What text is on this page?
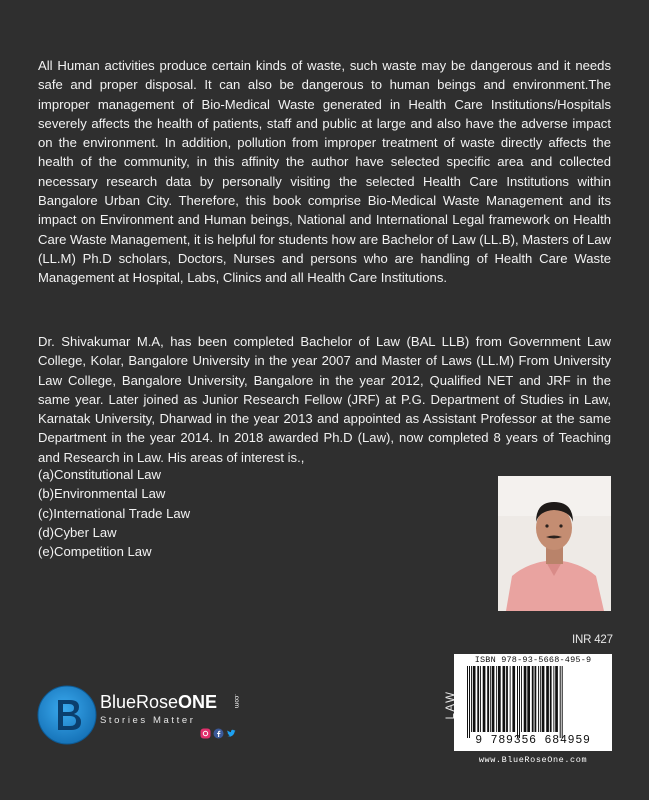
All Human activities produce certain kinds of waste, such waste may be dangerous and it needs safe and proper disposal. It can also be dangerous to human beings and environment.The improper management of Bio-Medical Waste generated in Health Care Institutions/Hospitals severely affects the health of patients, staff and public at large and also have the adverse impact on the environment. In addition, pollution from improper treatment of waste directly affects the health of the community, in this affinity the author have selected specific area and collected necessary research data by personally visiting the selected Health Care Institutions within Bangalore Urban City. Therefore, this book comprise Bio-Medical Waste Management and its impact on Environment and Human beings, National and International Legal framework on Health Care Waste Management, it is helpful for students how are Bachelor of Law (LL.B), Masters of Law (LL.M) Ph.D scholars, Doctors, Nurses and persons who are handling of Health Care Waste Management at Hospital, Labs, Clinics and all Health Care Institutions.

Dr. Shivakumar M.A, has been completed Bachelor of Law (BAL LLB) from Government Law College, Kolar, Bangalore University in the year 2007 and Master of Laws (LL.M) From University Law College, Bangalore University, Bangalore in the year 2012, Qualified NET and JRF in the same year. Later joined as Junior Research Fellow (JRF) at P.G. Department of Studies in Law, Karnatak University, Dharwad in the year 2013 and appointed as Assistant Professor at the same Department in the year 2014. In 2018 awarded Ph.D (Law), now completed 8 years of Teaching and Research in Law. His areas of interest is.,

(a)Constitutional Law
(b)Environmental Law
(c)International Trade Law
(d)Cyber Law
(e)Competition Law
INR 427
ISBN 978-93-5668-495-9
9 789356 684959
www.BlueRoseOne.com
LAW
BlueRoseONE .com
Stories Matter
